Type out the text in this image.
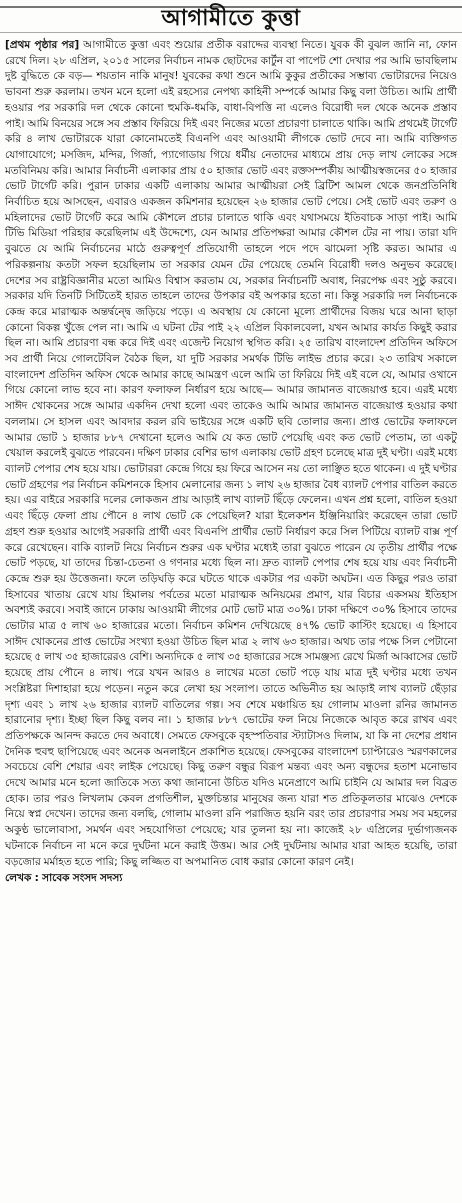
আগামীতে কুত্তা

[প্রথম পৃষ্ঠার পর] আগামীতে কুত্তা এবং শুয়োর প্রতীক বরাদ্দের ব্যবস্থা নিতে। যুবক কী বুঝল জানি না, ফোন রেখে দিল। ২৮ এপ্রিল, ২০১৫ সালের নির্বাচন নামক ছোটদের কার্টুন বা পাপেট শো দেখার পর আমি ভাবছিলাম দুষ্ট বুদ্ধিতে কে বড়— শয়তান নাকি মানুষ! যুবকের কথা শুনে আমি কুকুর প্রতীকের সম্ভাব্য ভোটারদের নিয়েও ভাবনা শুরু করলাম। তখন মনে হলো এই রহস্যের নেপথ্য কাহিনী সম্পর্কে আমার কিছু বলা উচিত। আমি প্রার্থী হওয়ার পর সরকারি দল থেকে কোনো হুমকি-ধমকি, বাধা-বিপত্তি না এলেও বিরোধী দল থেকে অনেক প্রস্তাব পাই। আমি বিনয়ের সঙ্গে সব প্রস্তাব ফিরিয়ে দিই এবং নিজের মতো প্রচারণা চালাতে থাকি। আমি প্রথমেই টার্গেট করি ৪ লাখ ভোটারকে যারা কোনোমতেই বিএনপি এবং আওয়ামী লীগকে ভোট দেবে না। আমি ব্যক্তিগত যোগাযোগে; মসজিদ, মন্দির, গির্জা, প্যাগোডায় গিয়ে ধর্মীয় নেতাদের মাধ্যমে প্রায় দেড় লাখ লোকের সঙ্গে মতবিনিময় করি। আমার নির্বাচনী এলাকার প্রায় ৫০ হাজার ভোট এবং রক্তসম্পর্কীয় আত্মীয়স্বজনের ৫০ হাজার ভোট টার্গেট করি। পুরান ঢাকার একটি এলাকায় আমার আত্মীয়রা সেই ব্রিটিশ আমল থেকে জনপ্রতিনিধি নির্বাচিত হয়ে আসছেন, এবারও একজন কমিশনার হয়েছেন ২৬ হাজার ভোট পেয়ে। সেই ভোট এবং তরুণ ও মহিলাদের ভোট টার্গেট করে আমি কৌশলে প্রচার চালাতে থাকি এবং যথাসময়ে ইতিবাচক সাড়া পাই। আমি টিভি মিডিয়া পরিহার করেছিলাম এই উদ্দেশ্যে, যেন আমার প্রতিপক্ষরা আমার কৌশল টের না পায়। তারা যদি বুঝতে যে আমি নির্বাচনের মাঠে গুরুত্বপূর্ণ প্রতিযোগী তাহলে পদে পদে ঝামেলা সৃষ্টি করত। আমার এ পরিকল্পনায় কতটা সফল হয়েছিলাম তা সরকার যেমন টের পেয়েছে তেমনি বিরোধী দলও অনুভব করেছে। দেশের সব রাষ্ট্রবিজ্ঞানীর মতো আমিও বিশ্বাস করতাম যে, সরকার নির্বাচনটি অবাধ, নিরপেক্ষ এবং সুষ্ঠু করবে। সরকার যদি তিনটি সিটিতেই হারত তাহলে তাদের উপকার বই অপকার হতো না। কিন্তু সরকারি দল নির্বাচনকে কেন্দ্র করে মারাত্মক অন্তর্দ্বন্দ্বে জড়িয়ে পড়ে। এ অবস্থায় যে কোনো মূল্যে প্রার্থীদের বিজয় ঘরে আনা ছাড়া কোনো বিকল্প খুঁজে পেল না। আমি এ ঘটনা টের পাই ২২ এপ্রিল বিকালবেলা, যখন আমার কার্যত কিছুই করার ছিল না। আমি প্রচারণা বন্ধ করে দিই এবং এজেন্ট নিয়োগ স্থগিত করি। ২৫ তারিখ বাংলাদেশ প্রতিদিন অফিসে সব প্রার্থী নিয়ে গোলটেবিল বৈঠক ছিল, যা দুটি সরকার সমর্থক টিভি লাইভ প্রচার করে। ২৩ তারিখ সকালে বাংলাদেশ প্রতিদিন অফিস থেকে আমার কাছে আমন্ত্রণ এলে আমি তা ফিরিয়ে দিই এই বলে যে, আমার ওখানে গিয়ে কোনো লাভ হবে না। কারণ ফলাফল নির্ধারণ হয়ে আছে— আমার জামানত বাজেয়াপ্ত হবে। এরই মধ্যে সাঈদ খোকনের সঙ্গে আমার একদিন দেখা হলো এবং তাকেও আমি আমার জামানত বাজেয়াপ্ত হওয়ার কথা বললাম। সে হাসল এবং আবদার করল রবি ভাইয়ের সঙ্গে একটি ছবি তোলার জন্য। প্রাপ্ত ভোটের ফলাফলে আমার ভোট ১ হাজার ৮৮৭ দেখানো হলেও আমি যে কত ভোট পেয়েছি এবং কত ভোট পেতাম, তা একটু খেয়াল করলেই বুঝতে পারবেন। দক্ষিণ ঢাকার বেশির ভাগ এলাকায় ভোট গ্রহণ চলেছে মাত্র দুই ঘণ্টা। এরই মধ্যে ব্যালট পেপার শেষ হয়ে যায়। ভোটাররা কেন্দ্রে গিয়ে হয় ফিরে আসেন নয় তো লাঞ্ছিত হতে থাকেন। এ দুই ঘণ্টার ভোট গ্রহণের পর নির্বাচন কমিশনকে হিসাব মেলানোর জন্য ১ লাখ ২৬ হাজার বৈধ ব্যালট পেপার বাতিল করতে হয়। এর বাইরে সরকারি দলের লোকজন প্রায় আড়াই লাখ ব্যালট ছিঁড়ে ফেলেন। এখন প্রশ্ন হলো, বাতিল হওয়া এবং ছিঁড়ে ফেলা প্রায় পৌনে ৪ লাখ ভোট কে পেয়েছিল? যারা ইলেকশন ইঞ্জিনিয়ারিং করেছেন তারা ভোট গ্রহণ শুরু হওয়ার আগেই সরকারি প্রার্থী এবং বিএনপি প্রার্থীর ভোট নির্ধারণ করে সিল পিটিয়ে ব্যালট বাক্স পূর্ণ করে রেখেছেন। বাকি ব্যালট নিয়ে নির্বাচন শুরুর এক ঘণ্টার মধ্যেই তারা বুঝতে পারেন যে তৃতীয় প্রার্থীর পক্ষে ভোট পড়ছে, যা তাদের চিন্তা-চেতনা ও গণনার মধ্যে ছিল না। দ্রুত ব্যালট পেপার শেষ হয়ে যায় এবং নির্বাচনী কেন্দ্রে শুরু হয় উত্তেজনা। ফলে তড়িঘড়ি করে ঘটতে থাকে একটার পর একটা অঘটন। এত কিছুর পরও তারা হিসাবের খাতায় রেখে যায় হিমালয় পর্বতের মতো মারাত্মক অনিয়মের প্রমাণ, যার বিচার একসময় ইতিহাস অবশ্যই করবে। সবাই জানে ঢাকায় আওয়ামী লীগের মোট ভোট মাত্র ৩০%। ঢাকা দক্ষিণে ৩০% হিসাবে তাদের ভোটার মাত্র ৫ লাখ ৬০ হাজারের মতো। নির্বাচন কমিশন দেখিয়েছে ৪৭% ভোট কাস্টিং হয়েছে। এ হিসাবে সাঈদ খোকনের প্রাপ্ত ভোটের সংখ্যা হওয়া উচিত ছিল মাত্র ২ লাখ ৬৩ হাজার। অথচ তার পক্ষে সিল পেটানো হয়েছে ৫ লাখ ৩৫ হাজারেরও বেশি। অন্যদিকে ৫ লাখ ৩৫ হাজারের সঙ্গে সামঞ্জস্য রেখে মির্জা আব্বাসের ভোট হয়েছে প্রায় পৌনে ৪ লাখ। পরে যখন আরও ৪ লাখের মতো ভোট পড়ে যায় মাত্র দুই ঘণ্টার মধ্যে তখন সংশ্লিষ্টরা দিশাহারা হয়ে পড়েন। নতুন করে লেখা হয় সংলাপ। তাতে অভিনীত হয় আড়াই লাখ ব্যালট ছেঁড়ার দৃশ্য এবং ১ লাখ ২৬ হাজার ব্যালট বাতিলের গল্প। সব শেষে মঞ্চায়িত হয় গোলাম মাওলা রনির জামানত হারানোর দৃশ্য। ইচ্ছা ছিল কিছু বলব না। ১ হাজার ৮৮৭ ভোটের ফল নিয়ে নিজেকে আবৃত করে রাখব এবং প্রতিপক্ষকে আনন্দ করতে দেব অবাধে। সেমতে ফেসবুকে বৃহস্পতিবার স্ট্যাটাসও দিলাম, যা কি না দেশের প্রধান দৈনিক হুবহু ছাপিয়েছে এবং অনেক অনলাইনে প্রকাশিত হয়েছে। ফেসবুকের বাংলাদেশ চ্যাপ্টারেও স্মরণকালের সবচেয়ে বেশি শেয়ার এবং লাইক পেয়েছে। কিছু তরুণ বন্ধুর বিরূপ মন্তব্য এবং অন্য বন্ধুদের হতাশ মনোভাব দেখে আমার মনে হলো জাতিকে সত্য কথা জানানো উচিত যদিও মনেপ্রাণে আমি চাইনি যে আমার দল বিব্রত হোক। তার পরও লিখলাম কেবল প্রগতিশীল, মুক্তচিন্তার মানুষের জন্য যারা শত প্রতিকূলতার মাঝেও দেশকে নিয়ে স্বপ্ন দেখেন। তাদের জন্য বলছি, গোলাম মাওলা রনি পরাজিত হয়নি বরং তার প্রচারণার সময় সব মহলের অকুণ্ঠ ভালোবাসা, সমর্থন এবং সহযোগিতা পেয়েছে; যার তুলনা হয় না। কাজেই ২৮ এপ্রিলের দুর্ভাগ্যজনক ঘটনাকে নির্বাচন না মনে করে দুর্ঘটনা মনে করাই উত্তম। আর সেই দুর্ঘটনায় আমার যারা আহত হয়েছি, তারা বড়জোর মর্মাহত হতে পারি; কিছু লজ্জিত বা অপমানিত বোধ করার কোনো কারণ নেই।

লেখক : সাবেক সংসদ সদস্য
